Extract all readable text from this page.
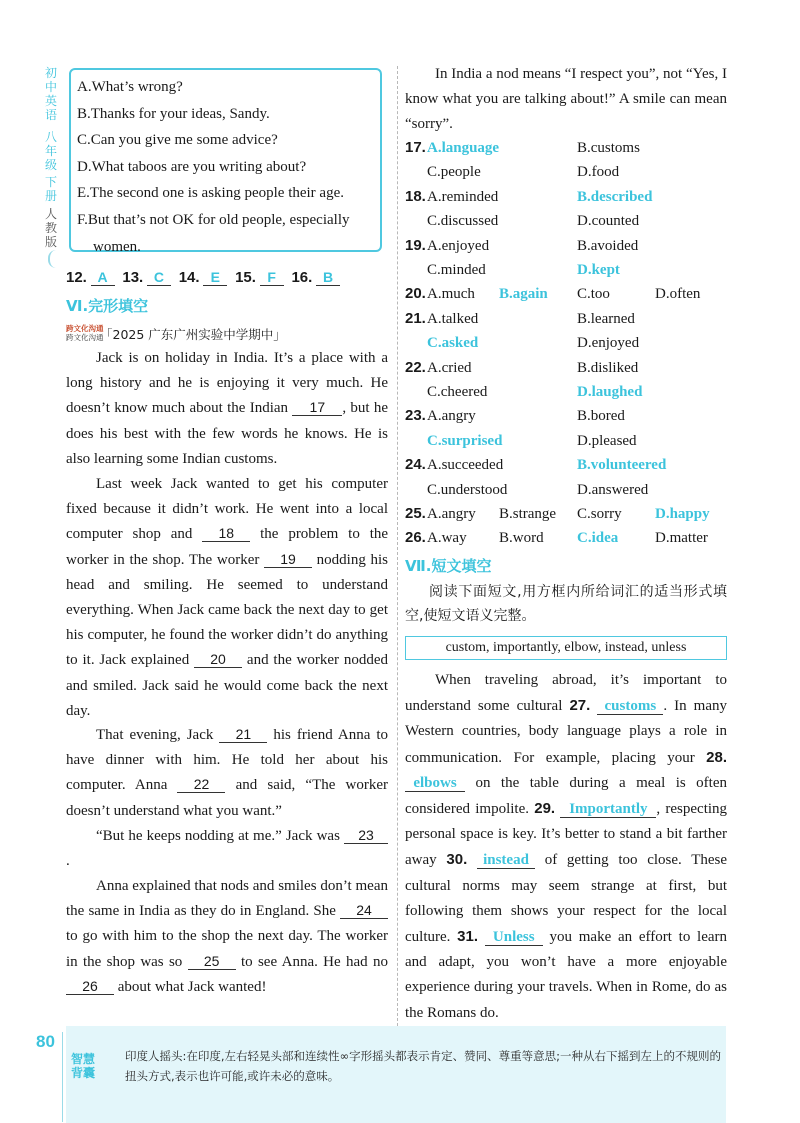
初
中
英
语
八
年
级
下
册
人
教
版
A.What’s wrong?
B.Thanks for your ideas, Sandy.
C.Can you give me some advice?
D.What taboos are you writing about?
E.The second one is asking people their age.
F.But that’s not OK for old people, especially
women.
12. A 13. C 14. E 15. F 16. B
Ⅵ.完形填空
跨文化沟通
跨文化沟通
「2025 广东广州实验中学期中」
Jack is on holiday in India. It’s a place with a long history and he is enjoying it very much. He doesn’t know much about the Indian 17 , but he does his best with the few words he knows. He is also learning some Indian customs.
Last week Jack wanted to get his computer fixed because it didn’t work. He went into a local computer shop and 18 the problem to the worker in the shop. The worker 19 nodding his head and smiling. He seemed to understand everything. When Jack came back the next day to get his computer, he found the worker didn’t do anything to it. Jack explained 20 and the worker nodded and smiled. Jack said he would come back the next day.
That evening, Jack 21 his friend Anna to have dinner with him. He told her about his computer. Anna 22 and said, “The worker doesn’t understand what you want.”
“But he keeps nodding at me.” Jack was 23.
Anna explained that nods and smiles don’t mean the same in India as they do in England. She 24 to go with him to the shop the next day. The worker in the shop was so 25 to see Anna. He had no 26 about what Jack wanted!
In India a nod means “I respect you”, not “Yes, I know what you are talking about!” A smile can mean “sorry”.
17. A.language	B.customs
C.people	D.food
18. A.reminded	B.described
C.discussed	D.counted
19. A.enjoyed	B.avoided
C.minded	D.kept
20. A.much B.again C.too	D.often
21. A.talked	B.learned
C.asked	D.enjoyed
22. A.cried	B.disliked
C.cheered	D.laughed
23. A.angry	B.bored
C.surprised	D.pleased
24. A.succeeded	B.volunteered
C.understood	D.answered
25. A.angry B.strange C.sorry D.happy
26. A.way B.word C.idea D.matter
Ⅶ.短文填空
阅读下面短文,用方框内所给词汇的适当形式填空,使短文语义完整。
custom, importantly, elbow, instead, unless
When traveling abroad, it’s important to understand some cultural 27. customs . In many Western countries, body language plays a role in communication. For example, placing your 28. elbows on the table during a meal is often considered impolite. 29. Importantly , respecting personal space is key. It’s better to stand a bit farther away 30. instead of getting too close. These cultural norms may seem strange at first, but following them shows your respect for the local culture. 31. Unless you make an effort to learn and adapt, you won’t have a more enjoyable experience during your travels. When in Rome, do as the Romans do.
80
智慧
背囊
印度人摇头:在印度,左右轻晃头部和连续性∞字形摇头都表示肯定、赞同、尊重等意思;一种从右下摇到左上的不规则的扭头方式,表示也许可能,或许未必的意味。
